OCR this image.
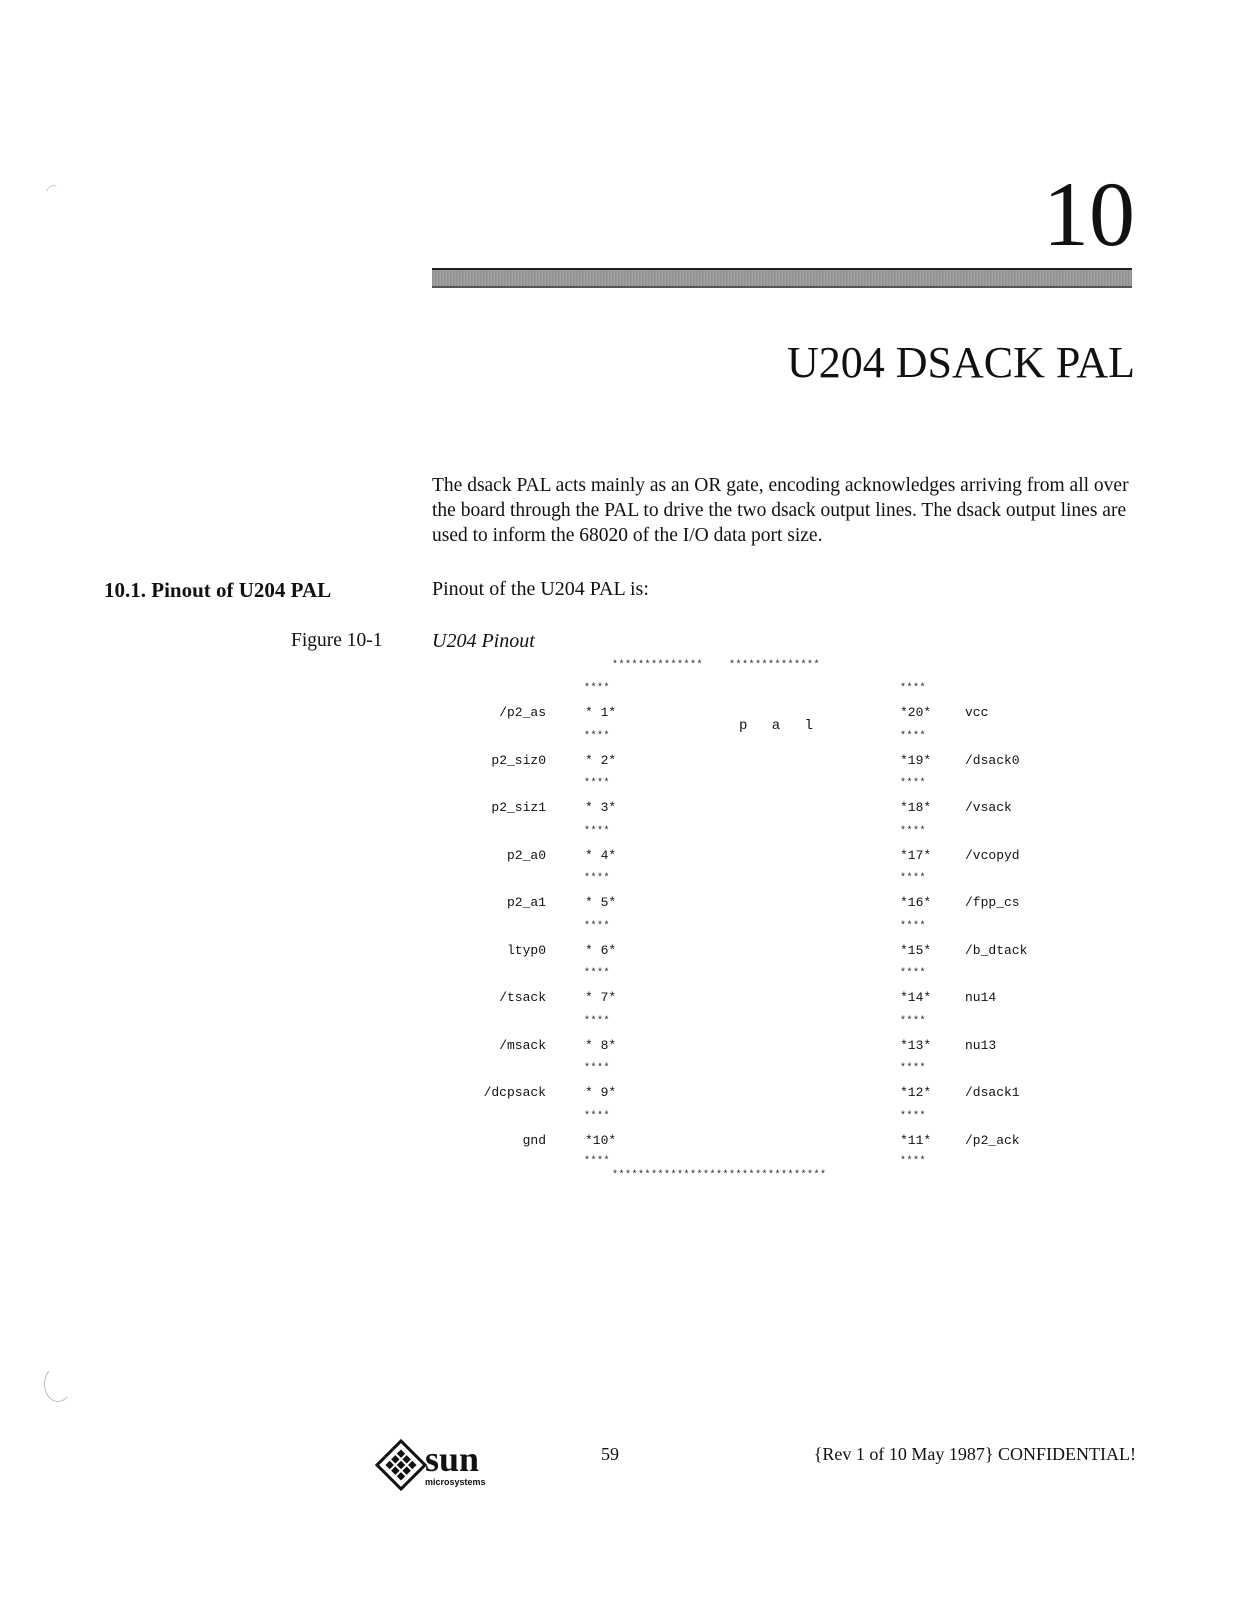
10
U204 DSACK PAL

The dsack PAL acts mainly as an OR gate, encoding acknowledges arriving from all over the board through the PAL to drive the two dsack output lines. The dsack output lines are used to inform the 68020 of the I/O data port size.

10.1. Pinout of U204 PAL	Pinout of the U204 PAL is:
Figure 10-1 U204 Pinout
**************    **************
p a l
****	****
/p2_as	* 1*	*20*	vcc
****	****
p2_siz0	* 2*	*19*	/dsack0
****	****
p2_siz1	* 3*	*18*	/vsack
****	****
p2_a0	* 4*	*17*	/vcopyd
****	****
p2_a1	* 5*	*16*	/fpp_cs
****	****
ltyp0	* 6*	*15*	/b_dtack
****	****
/tsack	* 7*	*14*	nu14
****	****
/msack	* 8*	*13*	nu13
****	****
/dcpsack	* 9*	*12*	/dsack1
****	****
gnd	*10*	*11*	/p2_ack
****	****
*********************************
sun
microsystems
59	{Rev 1 of 10 May 1987} CONFIDENTIAL!
